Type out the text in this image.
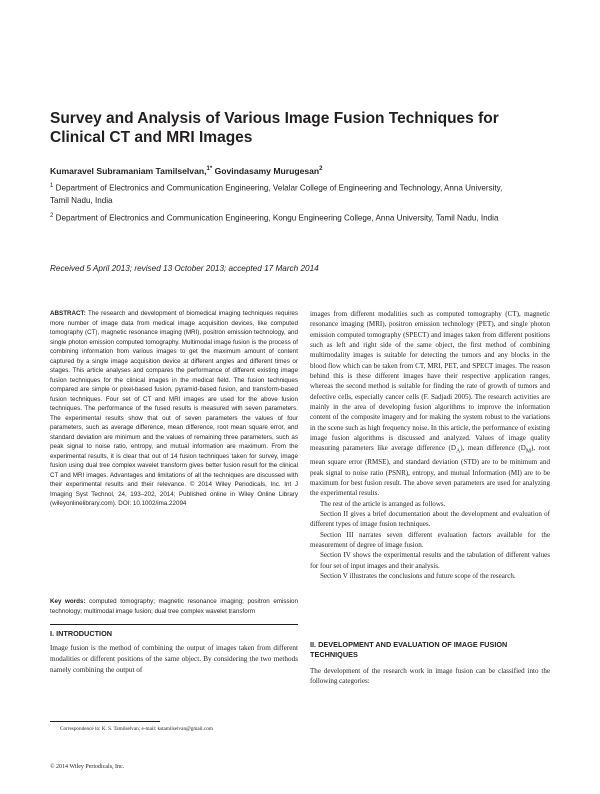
Survey and Analysis of Various Image Fusion Techniques for Clinical CT and MRI Images

Kumaravel Subramaniam Tamilselvan,$^{1*}$ Govindasamy Murugesan$^2$

$^1$ Department of Electronics and Communication Engineering, Velalar College of Engineering and Technology, Anna University, Tamil Nadu, India

$^2$ Department of Electronics and Communication Engineering, Kongu Engineering College, Anna University, Tamil Nadu, India

Received 5 April 2013; revised 13 October 2013; accepted 17 March 2014

ABSTRACT: The research and development of biomedical imaging techniques requires more number of image data from medical image acquisition devices, like computed tomography (CT), magnetic resonance imaging (MRI), positron emission technology, and single photon emission computed tomography. Multimodal image fusion is the process of combining information from various images to get the maximum amount of content captured by a single image acquisition device at different angles and different times or stages. This article analyses and compares the performance of different existing image fusion techniques for the clinical images in the medical field. The fusion techniques compared are simple or pixel-based fusion, pyramid-based fusion, and transform-based fusion techniques. Four set of CT and MRI images are used for the above fusion techniques. The performance of the fused results is measured with seven parameters. The experimental results show that out of seven parameters the values of four parameters, such as average difference, mean difference, root mean square error, and standard deviation are minimum and the values of remaining three parameters, such as peak signal to noise ratio, entropy, and mutual information are maximum. From the experimental results, it is clear that out of 14 fusion techniques taken for survey, image fusion using dual tree complex wavelet transform gives better fusion result for the clinical CT and MRI images. Advantages and limitations of all the techniques are discussed with their experimental results and their relevance. © 2014 Wiley Periodicals, Inc. Int J Imaging Syst Technol, 24, 193–202, 2014; Published online in Wiley Online Library (wileyonlinelibrary.com). DOI: 10.1002/ima.22094

Key words: computed tomography; magnetic resonance imaging; positron emission technology; multimodal image fusion; dual tree complex wavelet transform

I. INTRODUCTION

Image fusion is the method of combining the output of images taken from different modalities or different positions of the same object. By considering the two methods namely combining the output of

Correspondence to: K. S. Tamilselvan; e-mail: kstamilselvan@gmail.com

© 2014 Wiley Periodicals, Inc.

images from different modalities such as computed tomography (CT), magnetic resonance imaging (MRI), positron emission technology (PET), and single photon emission computed tomography (SPECT) and images taken from different positions such as left and right side of the same object, the first method of combining multimodality images is suitable for detecting the tumors and any blocks in the blood flow which can be taken from CT, MRI, PET, and SPECT images. The reason behind this is these different images have their respective application ranges, whereas the second method is suitable for finding the rate of growth of tumors and defective cells, especially cancer cells (F. Sadjadi 2005). The research activities are mainly in the area of developing fusion algorithms to improve the information content of the composite imagery and for making the system robust to the variations in the scene such as high frequency noise. In this article, the performance of existing image fusion algorithms is discussed and analyzed. Values of image quality measuring parameters like average difference $(D_A)$, mean difference $(D_M)$, root mean square error (RMSE), and standard deviation (STD) are to be minimum and peak signal to noise ratio (PSNR), entropy, and mutual Information (MI) are to be maximum for best fusion result. The above seven parameters are used for analyzing the experimental results.

The rest of the article is arranged as follows.

Section II gives a brief documentation about the development and evaluation of different types of image fusion techniques.

Section III narrates seven different evaluation factors available for the measurement of degree of image fusion.

Section IV shows the experimental results and the tabulation of different values for four set of input images and their analysis.

Section V illustrates the conclusions and future scope of the research.

II. DEVELOPMENT AND EVALUATION OF IMAGE FUSION TECHNIQUES

The development of the research work in image fusion can be classified into the following categories:
